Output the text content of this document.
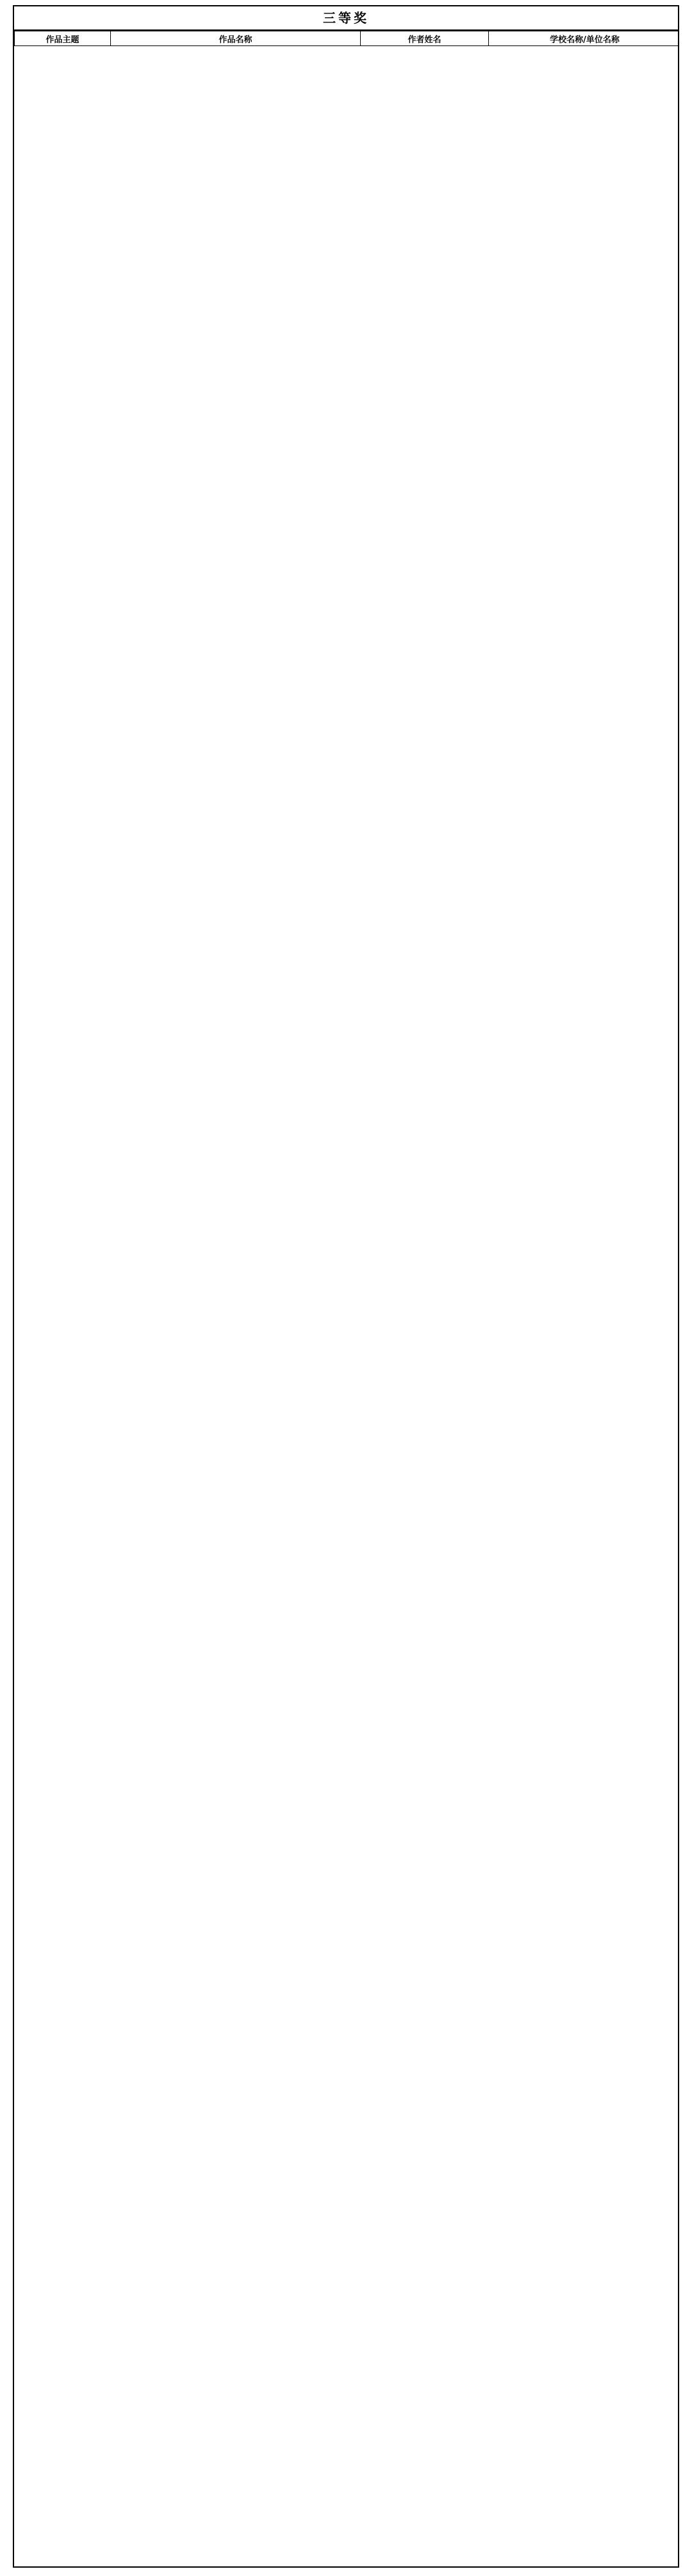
三等奖
作品主题	作品名称	作者姓名	学校名称/单位名称
